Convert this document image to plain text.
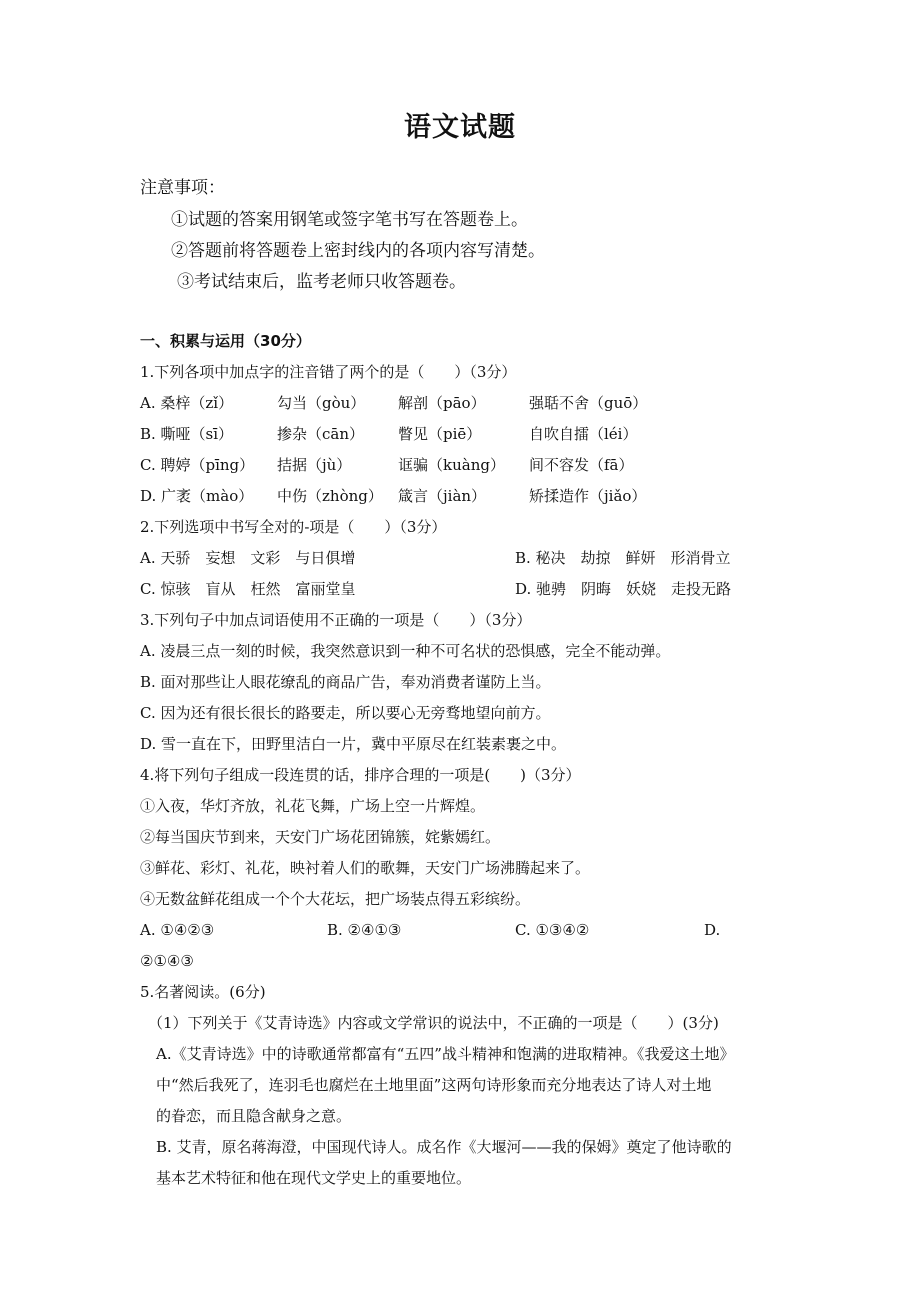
语文试题
注意事项：
①试题的答案用钢笔或签字笔书写在答题卷上。
②答题前将答题卷上密封线内的各项内容写清楚。
③考试结束后，监考老师只收答题卷。
一、积累与运用（30分）
1.下列各项中加点字的注音错了两个的是（　　）（3分）
A. 桑梓（zǐ）	勾当（gòu） 解剖（pāo）	强聒不舍（guō）
B. 嘶哑（sī）	掺杂（cān） 瞥见（piē）	自吹自擂（léi）
C. 聘婷（pīng） 拮据（jù）	诓骗（kuàng） 间不容发（fā）
D. 广袤（mào） 中伤（zhòng） 箴言（jiàn）	矫揉造作（jiǎo）
2.下列选项中书写全对的-项是（　　）（3分）
A. 天骄　妄想　文彩　与日俱增	B. 秘决　劫掠　鲜妍　形消骨立
C. 惊骇　盲从　枉然　富丽堂皇	D. 驰骋　阴晦　妖娆　走投无路
3.下列句子中加点词语使用不正确的一项是（　　）（3分）
A. 凌晨三点一刻的时候，我突然意识到一种不可名状的恐惧感，完全不能动弹。
B. 面对那些让人眼花缭乱的商品广告，奉劝消费者谨防上当。
C. 因为还有很长很长的路要走，所以要心无旁骛地望向前方。
D. 雪一直在下，田野里洁白一片，冀中平原尽在红装素裹之中。
4.将下列句子组成一段连贯的话，排序合理的一项是(　　)（3分）
①入夜，华灯齐放，礼花飞舞，广场上空一片辉煌。
②每当国庆节到来，天安门广场花团锦簇，姹紫嫣红。
③鲜花、彩灯、礼花，映衬着人们的歌舞，天安门广场沸腾起来了。
④无数盆鲜花组成一个个大花坛，把广场装点得五彩缤纷。
A. ①④②③	B. ②④①③	C. ①③④②	D.
②①④③
5.名著阅读。(6分)
（1）下列关于《艾青诗选》内容或文学常识的说法中，不正确的一项是（　　）(3分)
A.《艾青诗选》中的诗歌通常都富有“五四”战斗精神和饱满的进取精神。《我爱这土地》
中“然后我死了，连羽毛也腐烂在土地里面”这两句诗形象而充分地表达了诗人对土地
的眷恋，而且隐含献身之意。
B. 艾青，原名蒋海澄，中国现代诗人。成名作《大堰河——我的保姆》奠定了他诗歌的
基本艺术特征和他在现代文学史上的重要地位。
